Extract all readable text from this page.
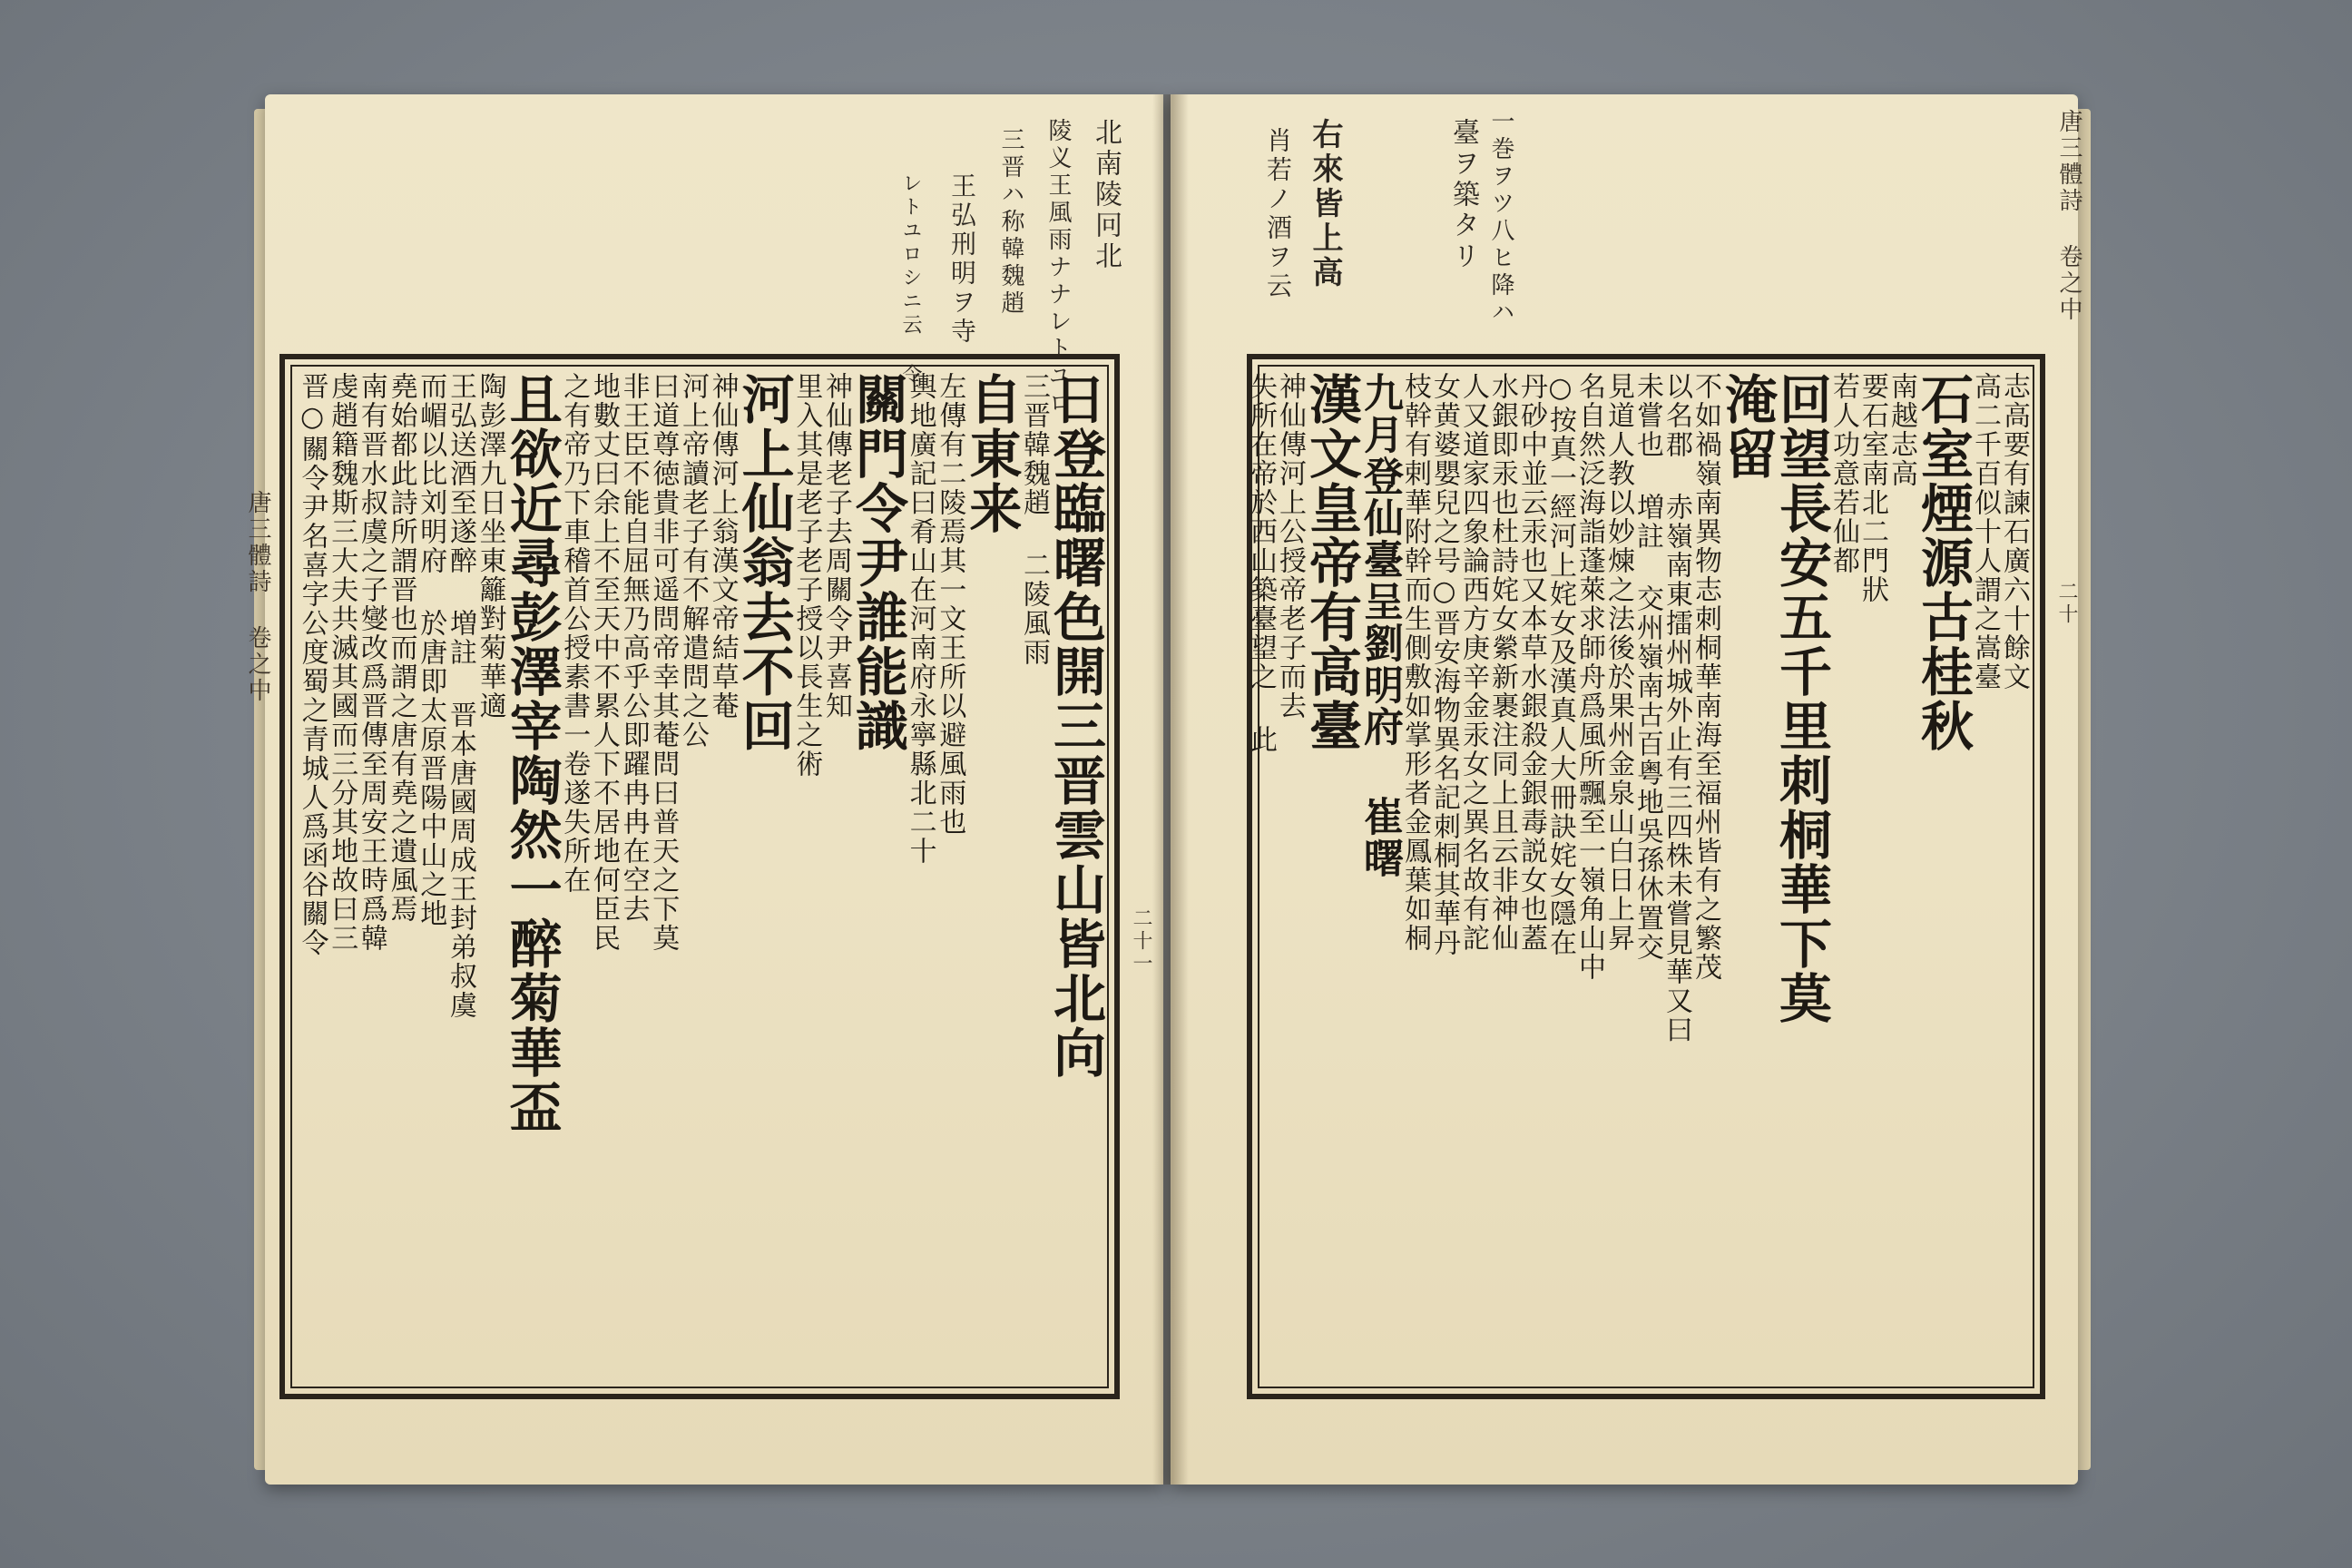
北南陵冋北
陵义王風雨ナナレトユロ
三晋ハ称韓魏趙
王弘刑明ヲ寺
レトユロシニ云 令	右來皆上高
肖若ノ酒ヲ云	一巻ヲツ八ヒ降ハ
臺ヲ築タリ
唐三體詩 卷之中
二十一
唐三體詩 卷之中
二十
日登臨曙色開三晋雲山皆北向
三晋韓魏趙 二陵風雨
自東来
左傳有二陵焉其一文王所以避風雨也
輿地廣記曰肴山在河南府永寧縣北二十
關門令尹誰能識
神仙傳老子去周關令尹喜知
里入其是老子老子授以長生之術
河上仙翁去不回
神仙傳河上翁漢文帝結草菴
河上帝讀老子有不解遣問之公
曰道尊徳貴非可遥問帝幸其菴問曰普天之下莫
非王臣不能自屈無乃高乎公即躍冉冉在空去
地數丈曰余上不至天中不累人下不居地何臣民
之有帝乃下車稽首公授素書一卷遂失所在
且欲近尋彭澤宰陶然一醉菊華盃
陶彭澤九日坐東籬對菊華適
王弘送酒至遂醉 増註 晋本唐國周成王封弟叔虞
而嵋以比刘明府 於唐即太原晋陽中山之地
堯始都此詩所謂晋也而謂之唐有堯之遺風焉
南有晋水叔虞之子燮改爲晋傳至周安王時爲韓
虔趙籍魏斯三大夫共滅其國而三分其地故曰三
晋○關令尹名喜字公度蜀之青城人爲函谷關令	志高要有諫石廣六十餘文
高二千百似十人謂之嵩臺
石室煙源古桂秋
南越志高
要石室南北二門狀
若人功意若仙都
回望長安五千里刺桐華下莫
淹留
不如禍嶺南異物志刺桐華南海至福州皆有之繁茂
以名郡 赤嶺南東擂州城外止有三四株未嘗見華又曰
未嘗也 増註 交州嶺南古百粤地吳孫休置交
見道人教以妙煉之法後於果州金泉山白日上昇
名自然泛海詣蓬萊求師舟爲風所飄至一嶺角山中
○按真一經河上姹女及漢真人大冊訣姹女隱在
丹砂中並云汞也又本草水銀殺金銀毒説女也蓋
水銀即汞也杜詩姹女縈新裹注同上且云非神仙
人又道家四象論西方庚辛金汞女之異名故有詑
女黄婆嬰兒之号○晋安海物異名記刺桐其華丹
枝幹有剌華附幹而生側敷如掌形者金鳳葉如桐
九月登仙臺呈劉明府 崔曙
漢文皇帝有高臺
神仙傳河上公授帝老子而去
失所在帝於西山築臺望之 此
